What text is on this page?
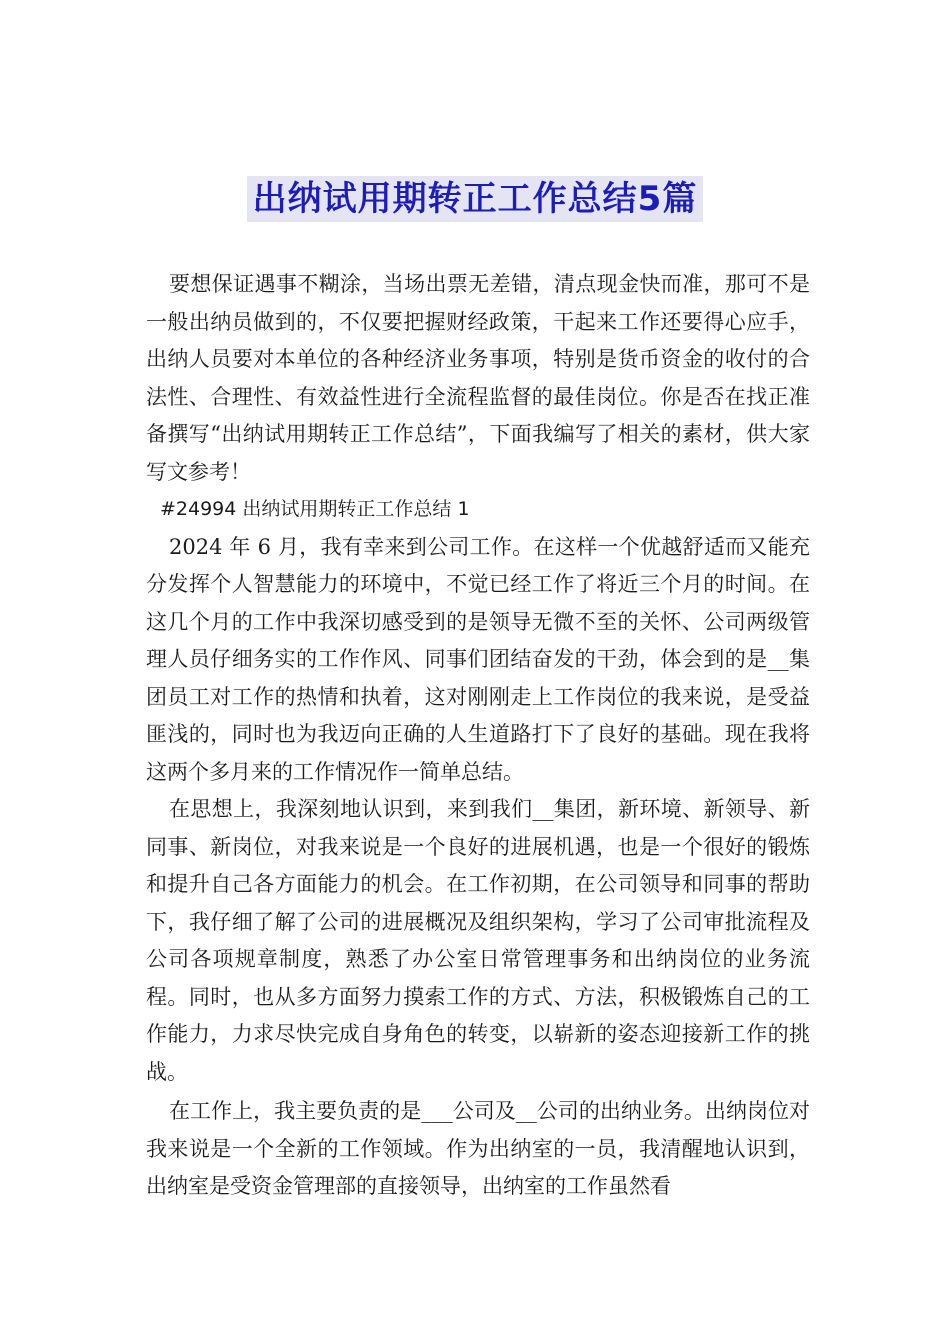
出纳试用期转正工作总结5篇

要想保证遇事不糊涂，当场出票无差错，清点现金快而准，那可不是一般出纳员做到的，不仅要把握财经政策，干起来工作还要得心应手，出纳人员要对本单位的各种经济业务事项，特别是货币资金的收付的合法性、合理性、有效益性进行全流程监督的最佳岗位。你是否在找正准备撰写“出纳试用期转正工作总结”，下面我编写了相关的素材，供大家写文参考！

#24994 出纳试用期转正工作总结 1

2024 年 6 月，我有幸来到公司工作。在这样一个优越舒适而又能充分发挥个人智慧能力的环境中，不觉已经工作了将近三个月的时间。在这几个月的工作中我深切感受到的是领导无微不至的关怀、公司两级管理人员仔细务实的工作作风、同事们团结奋发的干劲，体会到的是__集团员工对工作的热情和执着，这对刚刚走上工作岗位的我来说，是受益匪浅的，同时也为我迈向正确的人生道路打下了良好的基础。现在我将这两个多月来的工作情况作一简单总结。

在思想上，我深刻地认识到，来到我们__集团，新环境、新领导、新同事、新岗位，对我来说是一个良好的进展机遇，也是一个很好的锻炼和提升自己各方面能力的机会。在工作初期，在公司领导和同事的帮助下，我仔细了解了公司的进展概况及组织架构，学习了公司审批流程及公司各项规章制度，熟悉了办公室日常管理事务和出纳岗位的业务流程。同时，也从多方面努力摸索工作的方式、方法，积极锻炼自己的工作能力，力求尽快完成自身角色的转变，以崭新的姿态迎接新工作的挑战。

在工作上，我主要负责的是___公司及__公司的出纳业务。出纳岗位对我来说是一个全新的工作领域。作为出纳室的一员，我清醒地认识到，出纳室是受资金管理部的直接领导，出纳室的工作虽然看
